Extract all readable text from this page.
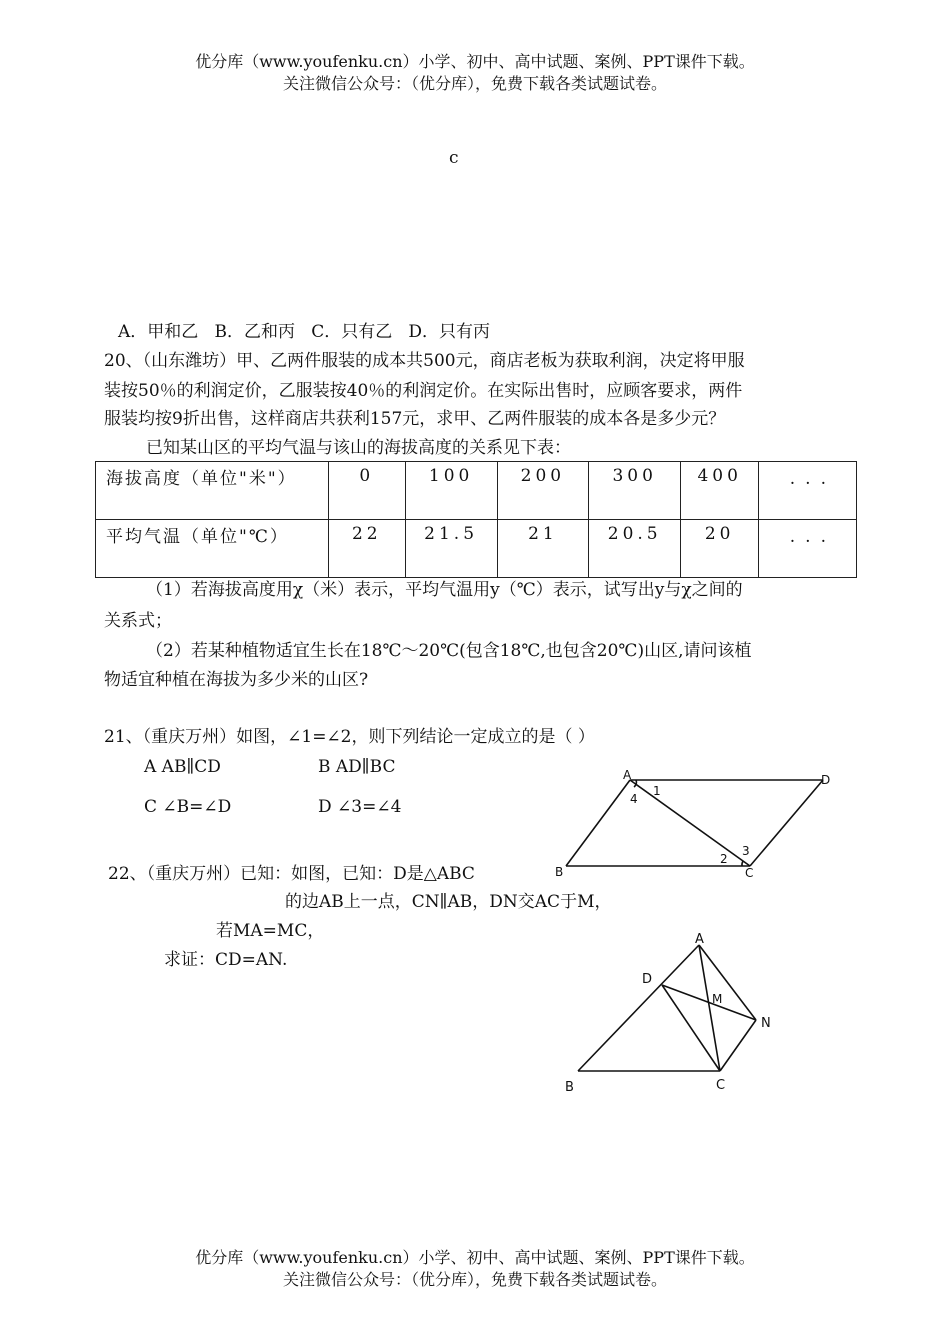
优分库（www.youfenku.cn）小学、初中、高中试题、案例、PPT课件下载。
关注微信公众号：（优分库），免费下载各类试题试卷。
c
A．甲和乙   B．乙和丙   C．只有乙   D．只有丙
20、（山东潍坊）甲、乙两件服装的成本共500元，商店老板为获取利润，决定将甲服
装按50％的利润定价，乙服装按40％的利润定价。在实际出售时，应顾客要求，两件
服装均按9折出售，这样商店共获利157元，求甲、乙两件服装的成本各是多少元？
已知某山区的平均气温与该山的海拔高度的关系见下表：
海拔高度（单位"米"）	0	100	200	300	400	...
平均气温（单位"℃）	22	21.5	21	20.5	20	...
（1）若海拔高度用χ（米）表示，平均气温用y（℃）表示，试写出y与χ之间的
关系式；
（2）若某种植物适宜生长在18℃～20℃(包含18℃,也包含20℃)山区,请问该植
物适宜种植在海拔为多少米的山区?
21、（重庆万州）如图，∠1=∠2，则下列结论一定成立的是（ ）
A AB∥CD	B AD∥BC
C ∠B=∠D	D ∠3=∠4
A	D
B	C
1
4
3
2
22、（重庆万州）已知：如图，已知：D是△ABC
的边AB上一点，CN∥AB，DN交AC于M，
若MA=MC，
求证：CD=AN.
A
D
M
N
B	C
优分库（www.youfenku.cn）小学、初中、高中试题、案例、PPT课件下载。
关注微信公众号：（优分库），免费下载各类试题试卷。
